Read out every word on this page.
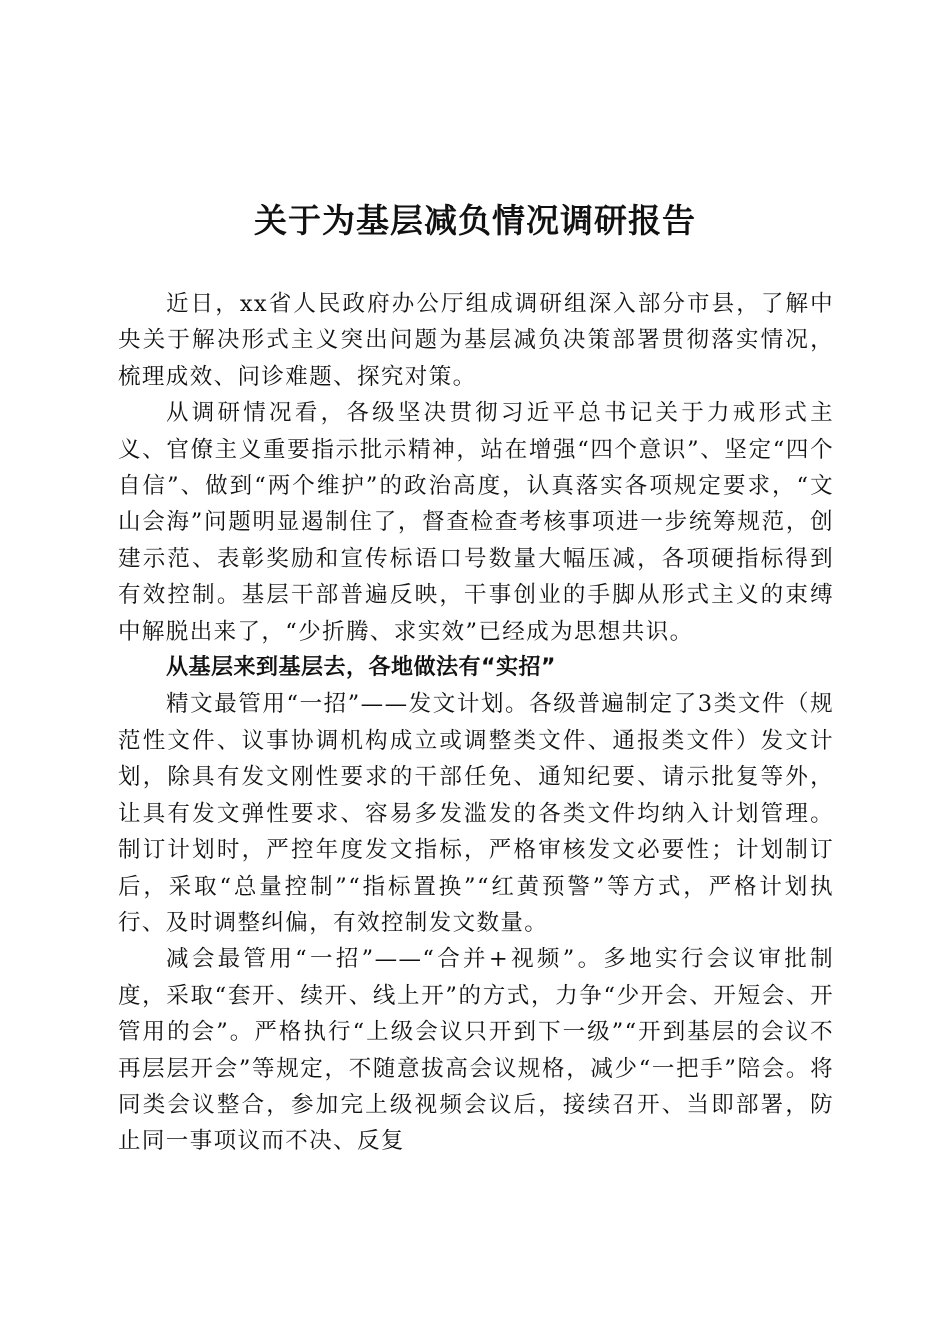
关于为基层减负情况调研报告

近日，xx省人民政府办公厅组成调研组深入部分市县，了解中央关于解决形式主义突出问题为基层减负决策部署贯彻落实情况，梳理成效、问诊难题、探究对策。

从调研情况看，各级坚决贯彻习近平总书记关于力戒形式主义、官僚主义重要指示批示精神，站在增强“四个意识”、坚定“四个自信”、做到“两个维护”的政治高度，认真落实各项规定要求，“文山会海”问题明显遏制住了，督查检查考核事项进一步统筹规范，创建示范、表彰奖励和宣传标语口号数量大幅压减，各项硬指标得到有效控制。基层干部普遍反映，干事创业的手脚从形式主义的束缚中解脱出来了，“少折腾、求实效”已经成为思想共识。

从基层来到基层去，各地做法有“实招”

精文最管用“一招”——发文计划。各级普遍制定了3类文件（规范性文件、议事协调机构成立或调整类文件、通报类文件）发文计划，除具有发文刚性要求的干部任免、通知纪要、请示批复等外，让具有发文弹性要求、容易多发滥发的各类文件均纳入计划管理。制订计划时，严控年度发文指标，严格审核发文必要性；计划制订后，采取“总量控制”“指标置换”“红黄预警”等方式，严格计划执行、及时调整纠偏，有效控制发文数量。

减会最管用“一招”——“合并+视频”。多地实行会议审批制度，采取“套开、续开、线上开”的方式，力争“少开会、开短会、开管用的会”。严格执行“上级会议只开到下一级”“开到基层的会议不再层层开会”等规定，不随意拔高会议规格，减少“一把手”陪会。将同类会议整合，参加完上级视频会议后，接续召开、当即部署，防止同一事项议而不决、反复
